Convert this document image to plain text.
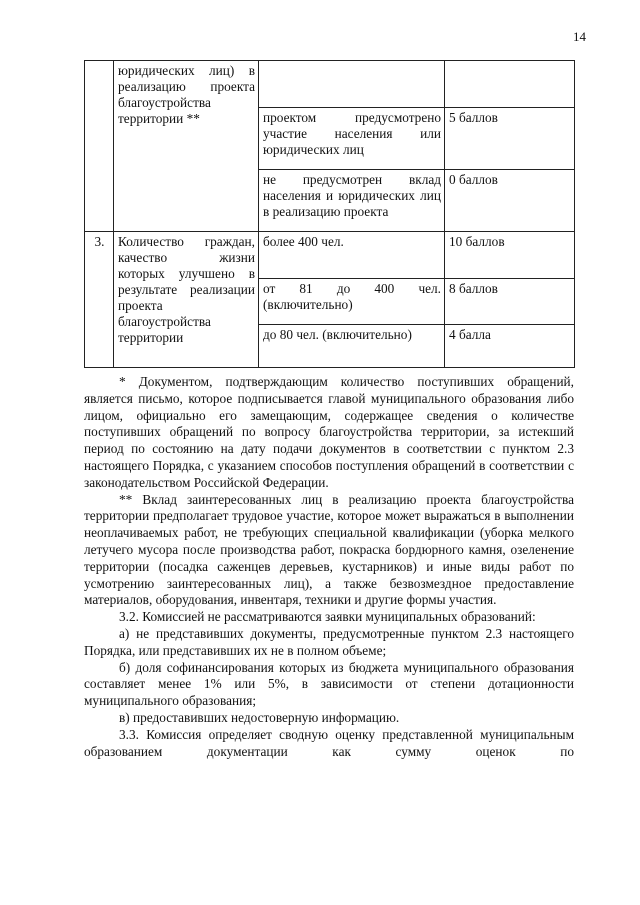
14
	юридических лиц) в реализацию проекта благоустройства территории **		
		проектом предусмотрено участие населения или юридических лиц	5 баллов
		не предусмотрен вклад населения и юридических лиц в реализацию проекта	0 баллов
3.	Количество граждан, качество жизни которых улучшено в результате реализации проекта благоустройства территории	более 400 чел.	10 баллов
		от 81 до 400 чел. (включительно)	8 баллов
		до 80 чел. (включительно)	4 балла

* Документом, подтверждающим количество поступивших обращений, является письмо, которое подписывается главой муниципального образования либо лицом, официально его замещающим, содержащее сведения о количестве поступивших обращений по вопросу благоустройства территории, за истекший период по состоянию на дату подачи документов в соответствии с пунктом 2.3 настоящего Порядка, с указанием способов поступления обращений в соответствии с законодательством Российской Федерации.

** Вклад заинтересованных лиц в реализацию проекта благоустройства территории предполагает трудовое участие, которое может выражаться в выполнении неоплачиваемых работ, не требующих специальной квалификации (уборка мелкого летучего мусора после производства работ, покраска бордюрного камня, озеленение территории (посадка саженцев деревьев, кустарников) и иные виды работ по усмотрению заинтересованных лиц), а также безвозмездное предоставление материалов, оборудования, инвентаря, техники и другие формы участия.

3.2. Комиссией не рассматриваются заявки муниципальных образований:

а) не представивших документы, предусмотренные пунктом 2.3 настоящего Порядка, или представивших их не в полном объеме;

б) доля софинансирования которых из бюджета муниципального образования составляет менее 1% или 5%, в зависимости от степени дотационности муниципального образования;

в) предоставивших недостоверную информацию.

3.3. Комиссия определяет сводную оценку представленной муниципальным образованием документации как сумму оценок по
